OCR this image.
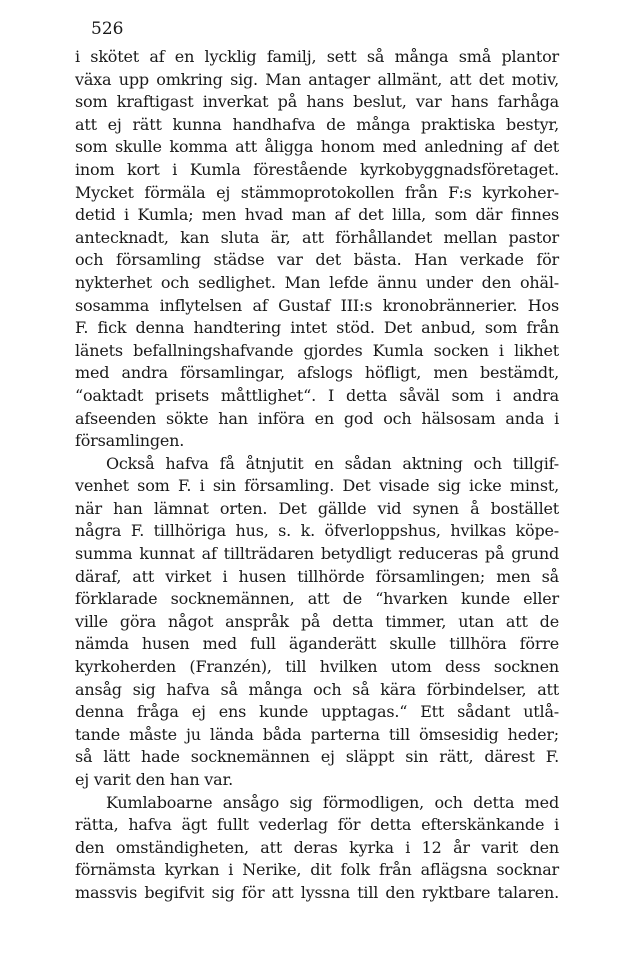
526
i skötet af en lycklig familj, sett så många små plantor
växa upp omkring sig. Man antager allmänt, att det motiv,
som kraftigast inverkat på hans beslut, var hans farhåga
att ej rätt kunna handhafva de många praktiska bestyr,
som skulle komma att åligga honom med anledning af det
inom kort i Kumla förestående kyrkobyggnadsföretaget.
Mycket förmäla ej stämmoprotokollen från F:s kyrkoher-
detid i Kumla; men hvad man af det lilla, som där finnes
antecknadt, kan sluta är, att förhållandet mellan pastor
och församling städse var det bästa. Han verkade för
nykterhet och sedlighet. Man lefde ännu under den ohäl-
sosamma inflytelsen af Gustaf III:s kronobrännerier. Hos
F. fick denna handtering intet stöd. Det anbud, som från
länets befallningshafvande gjordes Kumla socken i likhet
med andra församlingar, afslogs höfligt, men bestämdt,
“oaktadt prisets måttlighet“. I detta såväl som i andra
afseenden sökte han införa en god och hälsosam anda i
församlingen.
Också hafva få åtnjutit en sådan aktning och tillgif-
venhet som F. i sin församling. Det visade sig icke minst,
när han lämnat orten. Det gällde vid synen å bostället
några F. tillhöriga hus, s. k. öfverloppshus, hvilkas köpe-
summa kunnat af tillträdaren betydligt reduceras på grund
däraf, att virket i husen tillhörde församlingen; men så
förklarade socknemännen, att de “hvarken kunde eller
ville göra något anspråk på detta timmer, utan att de
nämda husen med full äganderätt skulle tillhöra förre
kyrkoherden (Franzén), till hvilken utom dess socknen
ansåg sig hafva så många och så kära förbindelser, att
denna fråga ej ens kunde upptagas.“ Ett sådant utlå-
tande måste ju lända båda parterna till ömsesidig heder;
så lätt hade socknemännen ej släppt sin rätt, därest F.
ej varit den han var.
Kumlaboarne ansågo sig förmodligen, och detta med
rätta, hafva ägt fullt vederlag för detta efterskänkande i
den omständigheten, att deras kyrka i 12 år varit den
förnämsta kyrkan i Nerike, dit folk från aflägsna socknar
massvis begifvit sig för att lyssna till den ryktbare talaren.
